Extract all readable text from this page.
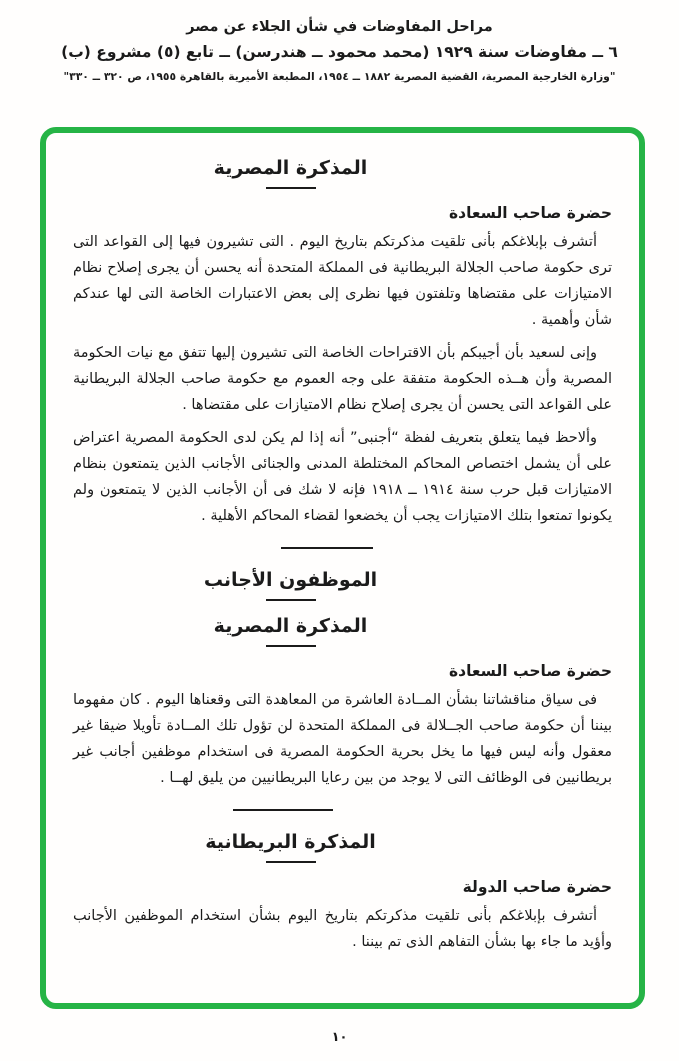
مراحل المفاوضات في شأن الجلاء عن مصر
٦ ــ مفاوضات سنة ١٩٢٩ (محمد محمود ــ هندرسن) ــ تابع (٥) مشروع (ب)
"وزارة الخارجية المصرية، القضية المصرية ١٨٨٢ ــ ١٩٥٤، المطبعة الأميرية بالقاهرة ١٩٥٥، ص ٣٢٠ ــ ٣٣٠"
المذكرة المصرية

حضرة صاحب السعادة

أتشرف بإبلاغكم بأنى تلقيت مذكرتكم بتاريخ اليوم . التى تشيرون فيها إلى القواعد التى ترى حكومة صاحب الجلالة البريطانية فى المملكة المتحدة أنه يحسن أن يجرى إصلاح نظام الامتيازات على مقتضاها وتلفتون فيها نظرى إلى بعض الاعتبارات الخاصة التى لها عندكم شأن وأهمية .

وإنى لسعيد بأن أجيبكم بأن الاقتراحات الخاصة التى تشيرون إليها تتفق مع نيات الحكومة المصرية وأن هــذه الحكومة متفقة على وجه العموم مع حكومة صاحب الجلالة البريطانية على القواعد التى يحسن أن يجرى إصلاح نظام الامتيازات على مقتضاها .

وألاحظ فيما يتعلق بتعريف لفظة “أجنبى” أنه إذا لم يكن لدى الحكومة المصرية اعتراض على أن يشمل اختصاص المحاكم المختلطة المدنى والجنائى الأجانب الذين يتمتعون بنظام الامتيازات قبل حرب سنة ١٩١٤ ــ ١٩١٨ فإنه لا شك فى أن الأجانب الذين لا يتمتعون ولم يكونوا تمتعوا بتلك الامتيازات يجب أن يخضعوا لقضاء المحاكم الأهلية .

الموظفون الأجانب
المذكرة المصرية

حضرة صاحب السعادة

فى سياق مناقشاتنا بشأن المــادة العاشرة من المعاهدة التى وقعناها اليوم . كان مفهوما بيننا أن حكومة صاحب الجــلالة فى المملكة المتحدة لن تؤول تلك المــادة تأويلا ضيقا غير معقول وأنه ليس فيها ما يخل بحرية الحكومة المصرية فى استخدام موظفين أجانب غير بريطانيين فى الوظائف التى لا يوجد من بين رعايا البريطانيين من يليق لهــا .

المذكرة البريطانية

حضرة صاحب الدولة

أتشرف بإبلاغكم بأنى تلقيت مذكرتكم بتاريخ اليوم بشأن استخدام الموظفين الأجانب وأؤيد ما جاء بها بشأن التفاهم الذى تم بيننا .

١٠
